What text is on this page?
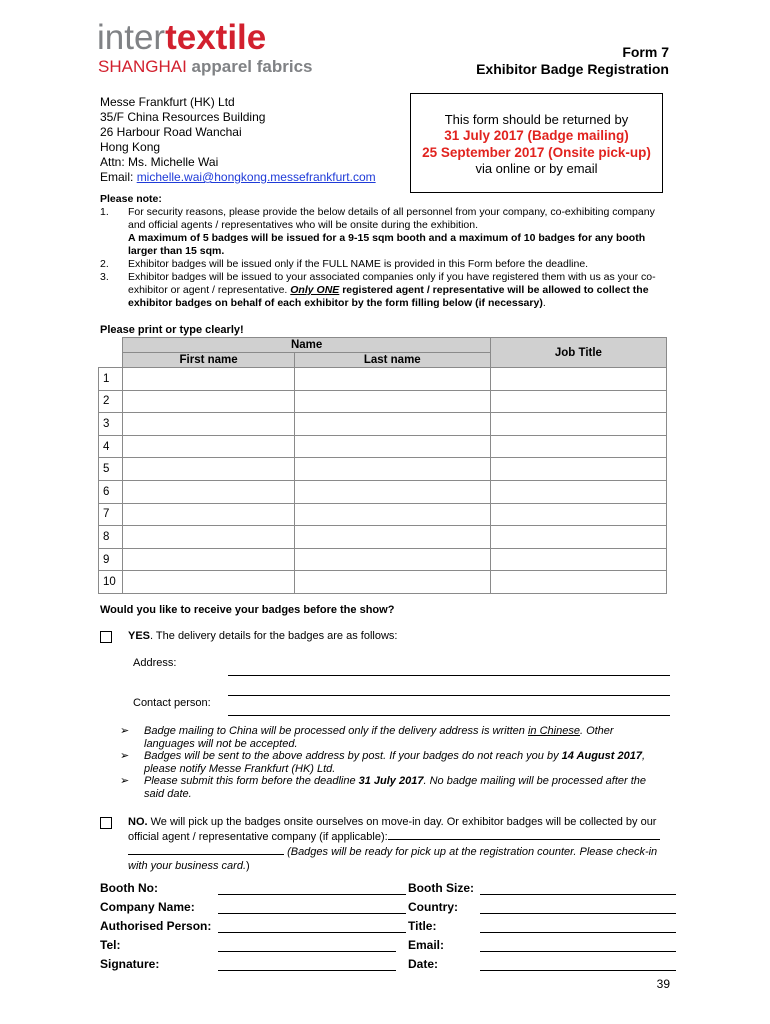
intertextile
SHANGHAI apparel fabrics
Form 7
Exhibitor Badge Registration
Messe Frankfurt (HK) Ltd
35/F China Resources Building
26 Harbour Road Wanchai
Hong Kong
Attn: Ms. Michelle Wai
Email: michelle.wai@hongkong.messefrankfurt.com
This form should be returned by
31 July 2017 (Badge mailing)
25 September 2017 (Onsite pick-up)
via online or by email
Please note:
1.	For security reasons, please provide the below details of all personnel from your company, co-exhibiting company and official agents / representatives who will be onsite during the exhibition.
A maximum of 5 badges will be issued for a 9-15 sqm booth and a maximum of 10 badges for any booth larger than 15 sqm.
2.	Exhibitor badges will be issued only if the FULL NAME is provided in this Form before the deadline.
3.	Exhibitor badges will be issued to your associated companies only if you have registered them with us as your co-exhibitor or agent / representative. Only ONE registered agent / representative will be allowed to collect the exhibitor badges on behalf of each exhibitor by the form filling below (if necessary).
Please print or type clearly!
	Name		Job Title
	First name	Last name	
1			
2			
3			
4			
5			
6			
7			
8			
9			
10			
Would you like to receive your badges before the show?
YES. The delivery details for the badges are as follows:
Address:
Contact person:
➢	Badge mailing to China will be processed only if the delivery address is written in Chinese. Other languages will not be accepted.
➢	Badges will be sent to the above address by post. If your badges do not reach you by 14 August 2017, please notify Messe Frankfurt (HK) Ltd.
➢	Please submit this form before the deadline 31 July 2017. No badge mailing will be processed after the said date.
NO. We will pick up the badges onsite ourselves on move-in day. Or exhibitor badges will be collected by our official agent / representative company (if applicable):
(Badges will be ready for pick up at the registration counter. Please check-in with your business card.)
Booth No:	Booth Size:
Company Name:	Country:
Authorised Person:	Title:
Tel:	Email:
Signature:	Date:
39
